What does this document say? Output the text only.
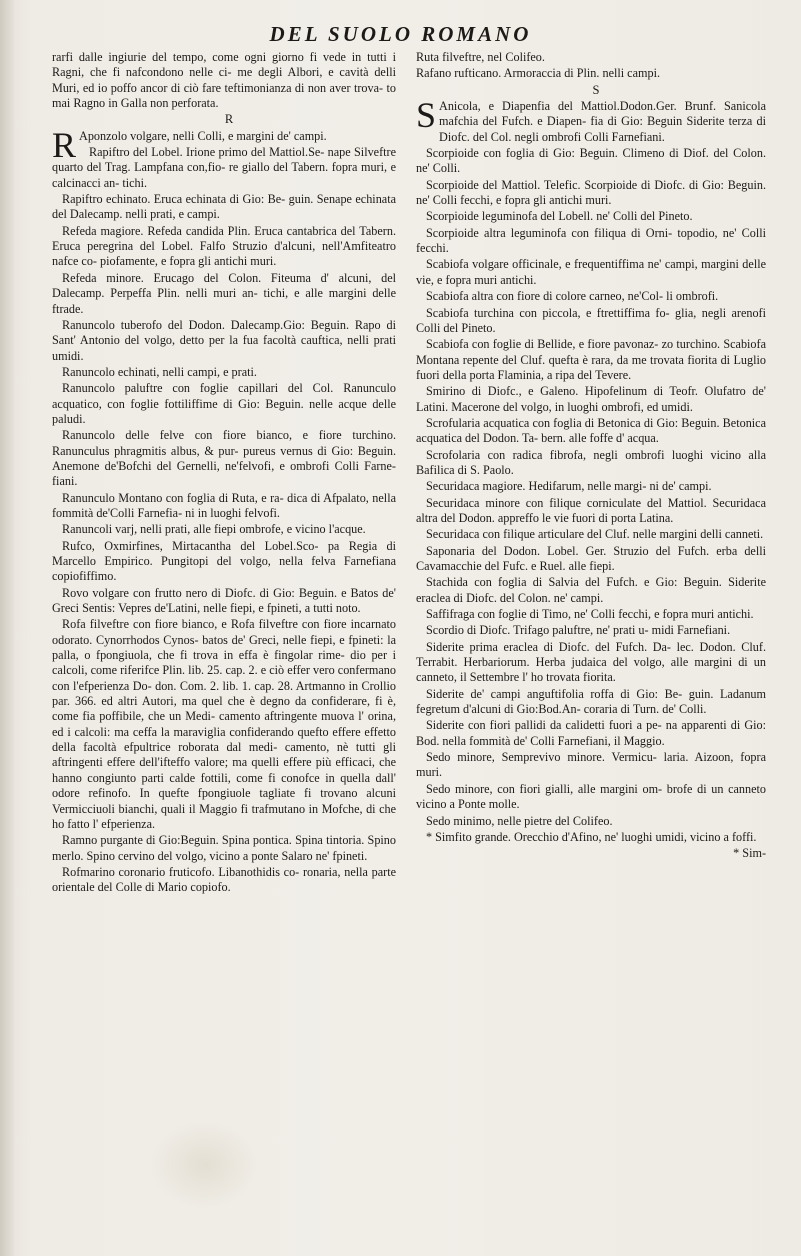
DEL SUOLO ROMANO

rarfi dalle ingiurie del tempo, come ogni giorno fi vede in tutti i Ragni, che fi nafcondono nelle ci- me degli Albori, e cavità delli Muri, ed io poffo ancor di ciò fare teftimonianza di non aver trova- to mai Ragno in Galla non perforata.

R

R Aponzolo volgare, nelli Colli, e margini de' campi.

Rapiftro del Lobel. Irione primo del Mattiol.Se- nape Silveftre quarto del Trag. Lampfana con,fio- re giallo del Tabern. fopra muri, e calcinacci an- tichi.

Rapiftro echinato. Eruca echinata di Gio: Be- guin. Senape echinata del Dalecamp. nelli prati, e campi.

Refeda magiore. Refeda candida Plin. Eruca cantabrica del Tabern. Eruca peregrina del Lobel. Falfo Struzio d'alcuni, nell'Amfiteatro nafce co- piofamente, e fopra gli antichi muri.

Refeda minore. Erucago del Colon. Fiteuma d' alcuni, del Dalecamp. Perpeffa Plin. nelli muri an- tichi, e alle margini delle ftrade.

Ranuncolo tuberofo del Dodon. Dalecamp.Gio: Beguin. Rapo di Sant' Antonio del volgo, detto per la fua facoltà cauftica, nelli prati umidi.

Ranuncolo echinati, nelli campi, e prati.

Ranuncolo paluftre con foglie capillari del Col. Ranunculo acquatico, con foglie fottiliffime di Gio: Beguin. nelle acque delle paludi.

Ranuncolo delle felve con fiore bianco, e fiore turchino. Ranunculus phragmitis albus, & pur- pureus vernus di Gio: Beguin. Anemone de'Bofchi del Gernelli, ne'felvofi, e ombrofi Colli Farne- fiani.

Ranunculo Montano con foglia di Ruta, e ra- dica di Afpalato, nella fommità de'Colli Farnefia- ni in luoghi felvofi.

Ranuncoli varj, nelli prati, alle fiepi ombrofe, e vicino l'acque.

Rufco, Oxmirfines, Mirtacantha del Lobel.Sco- pa Regia di Marcello Empirico. Pungitopi del volgo, nella felva Farnefiana copiofiffimo.

Rovo volgare con frutto nero di Diofc. di Gio: Beguin. e Batos de' Greci Sentis: Vepres de'Latini, nelle fiepi, e fpineti, a tutti noto.

Rofa filveftre con fiore bianco, e Rofa filveftre con fiore incarnato odorato. Cynorrhodos Cynos- batos de' Greci, nelle fiepi, e fpineti: la palla, o fpongiuola, che fi trova in effa è fingolar rime- dio per i calcoli, come riferifce Plin. lib. 25. cap. 2. e ciò effer vero confermano con l'efperienza Do- don. Com. 2. lib. 1. cap. 28. Artmanno in Crollio par. 366. ed altri Autori, ma quel che è degno da confiderare, fi è, come fia poffibile, che un Medi- camento aftringente muova l' orina, ed i calcoli: ma ceffa la maraviglia confiderando quefto effere effetto della facoltà efpultrice roborata dal medi- camento, nè tutti gli aftringenti effere dell'ifteffo valore; ma quelli effere più efficaci, che hanno congiunto parti calde fottili, come fi conofce in quella dall' odore refinofo. In quefte fpongiuole tagliate fi trovano alcuni Vermicciuoli bianchi, quali il Maggio fi trafmutano in Mofche, di che ho fatto l' efperienza.

Ramno purgante di Gio:Beguin. Spina pontica. Spina tintoria. Spino merlo. Spino cervino del volgo, vicino a ponte Salaro ne' fpineti.

Rofmarino coronario fruticofo. Libanothidis co- ronaria, nella parte orientale del Colle di Mario copiofo.

Ruta filveftre, nel Colifeo.

Rafano rufticano. Armoraccia di Plin. nelli campi.

S

S Anicola, e Diapenfia del Mattiol.Dodon.Ger. Brunf. Sanicola mafchia del Fufch. e Diapen- fia di Gio: Beguin Siderite terza di Diofc. del Col. negli ombrofi Colli Farnefiani.

Scorpioide con foglia di Gio: Beguin. Climeno di Diof. del Colon. ne' Colli.

Scorpioide del Mattiol. Telefic. Scorpioide di Diofc. di Gio: Beguin. ne' Colli fecchi, e fopra gli antichi muri.

Scorpioide leguminofa del Lobell. ne' Colli del Pineto.

Scorpioide altra leguminofa con filiqua di Orni- topodio, ne' Colli fecchi.

Scabiofa volgare officinale, e frequentiffima ne' campi, margini delle vie, e fopra muri antichi.

Scabiofa altra con fiore di colore carneo, ne'Col- li ombrofi.

Scabiofa turchina con piccola, e ftrettiffima fo- glia, negli arenofi Colli del Pineto.

Scabiofa con foglie di Bellide, e fiore pavonaz- zo turchino. Scabiofa Montana repente del Cluf. quefta è rara, da me trovata fiorita di Luglio fuori della porta Flaminia, a ripa del Tevere.

Smirino di Diofc., e Galeno. Hipofelinum di Teofr. Olufatro de' Latini. Macerone del volgo, in luoghi ombrofi, ed umidi.

Scrofularia acquatica con foglia di Betonica di Gio: Beguin. Betonica acquatica del Dodon. Ta- bern. alle foffe d' acqua.

Scrofolaria con radica fibrofa, negli ombrofi luoghi vicino alla Bafilica di S. Paolo.

Securidaca magiore. Hedifarum, nelle margi- ni de' campi.

Securidaca minore con filique corniculate del Mattiol. Securidaca altra del Dodon. appreffo le vie fuori di porta Latina.

Securidaca con filique articulare del Cluf. nelle margini delli canneti.

Saponaria del Dodon. Lobel. Ger. Struzio del Fufch. erba delli Cavamacchie del Fufc. e Ruel. alle fiepi.

Stachida con foglia di Salvia del Fufch. e Gio: Beguin. Siderite eraclea di Diofc. del Colon. ne' campi.

Saffifraga con foglie di Timo, ne' Colli fecchi, e fopra muri antichi.

Scordio di Diofc. Trifago paluftre, ne' prati u- midi Farnefiani.

Siderite prima eraclea di Diofc. del Fufch. Da- lec. Dodon. Cluf. Terrabit. Herbariorum. Herba judaica del volgo, alle margini di un canneto, il Settembre l' ho trovata fiorita.

Siderite de' campi anguftifolia roffa di Gio: Be- guin. Ladanum fegretum d'alcuni di Gio:Bod.An- coraria di Turn. de' Colli.

Siderite con fiori pallidi da calidetti fuori a pe- na apparenti di Gio: Bod. nella fommità de' Colli Farnefiani, il Maggio.

Sedo minore, Semprevivo minore. Vermicu- laria. Aizoon, fopra muri.

Sedo minore, con fiori gialli, alle margini om- brofe di un canneto vicino a Ponte molle.

Sedo minimo, nelle pietre del Colifeo.

* Simfito grande. Orecchio d'Afino, ne' luoghi umidi, vicino a foffi.

* Sim-
